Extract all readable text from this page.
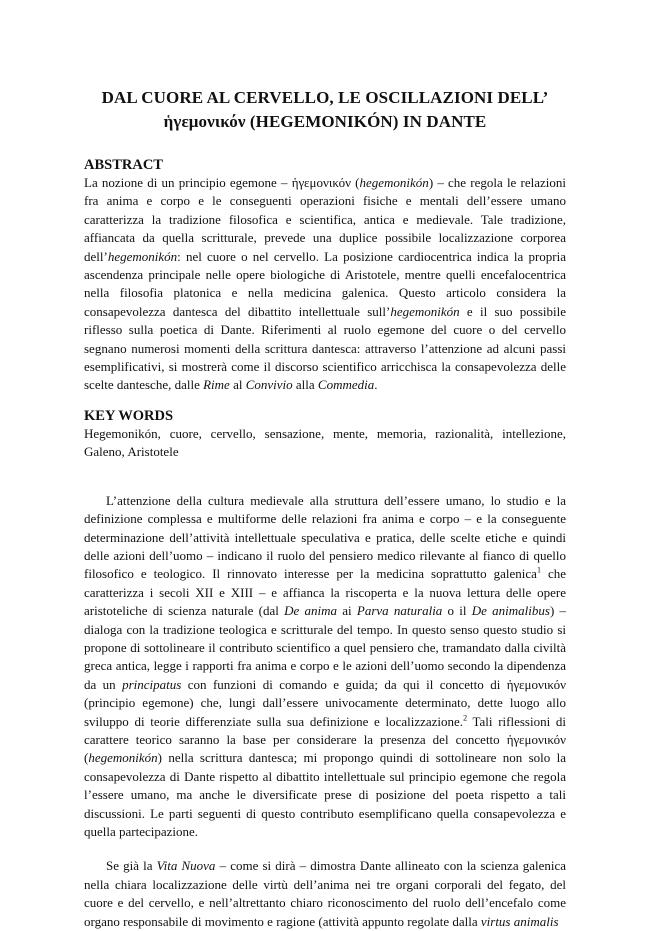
DAL CUORE AL CERVELLO, LE OSCILLAZIONI DELL’
ἡγεμονικόν (HEGEMONIKÓN) IN DANTE
ABSTRACT

La nozione di un principio egemone – ἡγεμονικόν (hegemonikón) – che regola le relazioni fra anima e corpo e le conseguenti operazioni fisiche e mentali dell’essere umano caratterizza la tradizione filosofica e scientifica, antica e medievale. Tale tradizione, affiancata da quella scritturale, prevede una duplice possibile localizzazione corporea dell’hegemonikón: nel cuore o nel cervello. La posizione cardiocentrica indica la propria ascendenza principale nelle opere biologiche di Aristotele, mentre quelli encefalocentrica nella filosofia platonica e nella medicina galenica. Questo articolo considera la consapevolezza dantesca del dibattito intellettuale sull’hegemonikón e il suo possibile riflesso sulla poetica di Dante. Riferimenti al ruolo egemone del cuore o del cervello segnano numerosi momenti della scrittura dantesca: attraverso l’attenzione ad alcuni passi esemplificativi, si mostrerà come il discorso scientifico arricchisca la consapevolezza delle scelte dantesche, dalle Rime al Convivio alla Commedia.

KEY WORDS

Hegemonikón, cuore, cervello, sensazione, mente, memoria, razionalità, intellezione, Galeno, Aristotele

L’attenzione della cultura medievale alla struttura dell’essere umano, lo studio e la definizione complessa e multiforme delle relazioni fra anima e corpo – e la conseguente determinazione dell’attività intellettuale speculativa e pratica, delle scelte etiche e quindi delle azioni dell’uomo – indicano il ruolo del pensiero medico rilevante al fianco di quello filosofico e teologico. Il rinnovato interesse per la medicina soprattutto galenica$^1$ che caratterizza i secoli XII e XIII – e affianca la riscoperta e la nuova lettura delle opere aristoteliche di scienza naturale (dal De anima ai Parva naturalia o il De animalibus) – dialoga con la tradizione teologica e scritturale del tempo. In questo senso questo studio si propone di sottolineare il contributo scientifico a quel pensiero che, tramandato dalla civiltà greca antica, legge i rapporti fra anima e corpo e le azioni dell’uomo secondo la dipendenza da un principatus con funzioni di comando e guida; da qui il concetto di ἡγεμονικόν (principio egemone) che, lungi dall’essere univocamente determinato, dette luogo allo sviluppo di teorie differenziate sulla sua definizione e localizzazione.$^2$ Tali riflessioni di carattere teorico saranno la base per considerare la presenza del concetto ἡγεμονικόν (hegemonikón) nella scrittura dantesca; mi propongo quindi di sottolineare non solo la consapevolezza di Dante rispetto al dibattito intellettuale sul principio egemone che regola l’essere umano, ma anche le diversificate prese di posizione del poeta rispetto a tali discussioni. Le parti seguenti di questo contributo esemplificano quella consapevolezza e quella partecipazione.

Se già la Vita Nuova – come si dirà – dimostra Dante allineato con la scienza galenica nella chiara localizzazione delle virtù dell’anima nei tre organi corporali del fegato, del cuore e del cervello, e nell’altrettanto chiaro riconoscimento del ruolo dell’encefalo come organo responsabile di movimento e ragione (attività appunto regolate dalla virtus animalis
